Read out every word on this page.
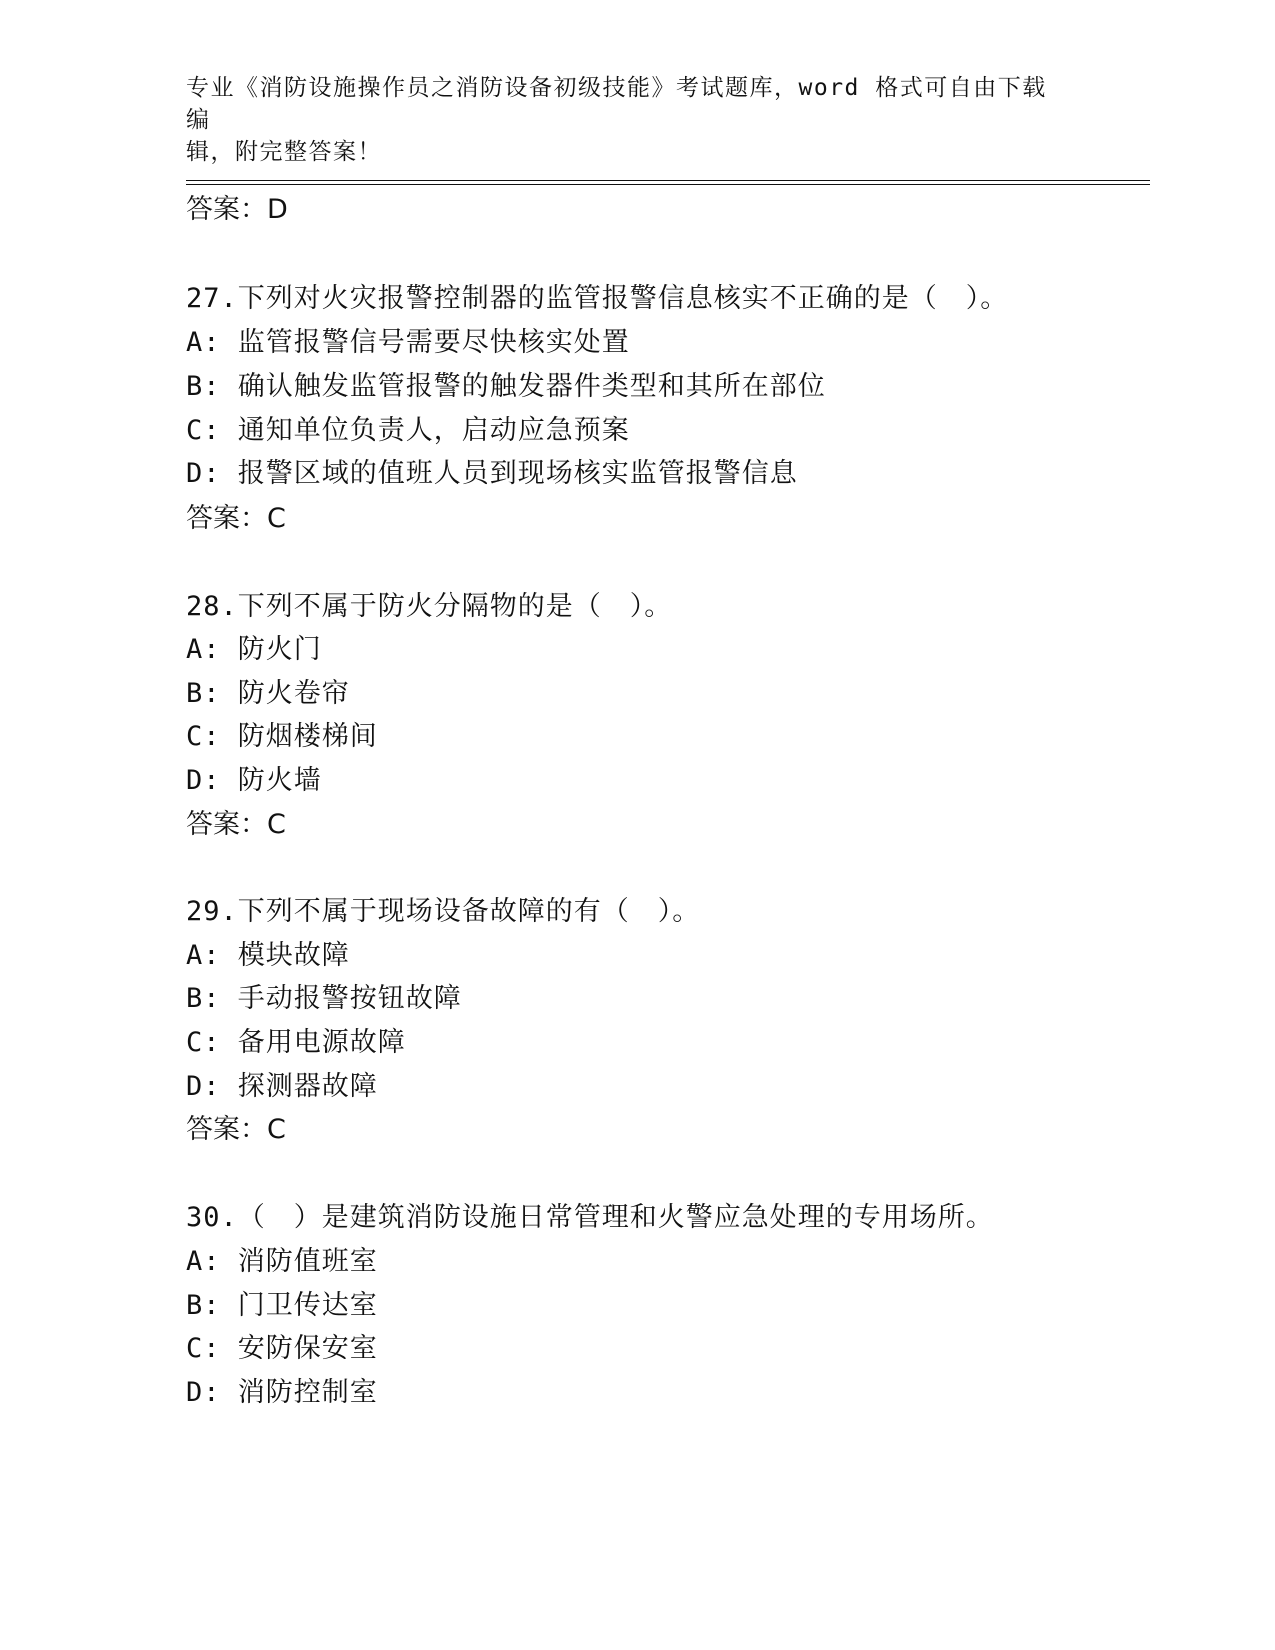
专业《消防设施操作员之消防设备初级技能》考试题库，word 格式可自由下载编
辑，附完整答案！
答案：D
27.下列对火灾报警控制器的监管报警信息核实不正确的是（　）。
A: 监管报警信号需要尽快核实处置
B: 确认触发监管报警的触发器件类型和其所在部位
C: 通知单位负责人，启动应急预案
D: 报警区域的值班人员到现场核实监管报警信息
答案：C
28.下列不属于防火分隔物的是（　）。
A: 防火门
B: 防火卷帘
C: 防烟楼梯间
D: 防火墙
答案：C
29.下列不属于现场设备故障的有（　）。
A: 模块故障
B: 手动报警按钮故障
C: 备用电源故障
D: 探测器故障
答案：C
30.（　）是建筑消防设施日常管理和火警应急处理的专用场所。
A: 消防值班室
B: 门卫传达室
C: 安防保安室
D: 消防控制室
